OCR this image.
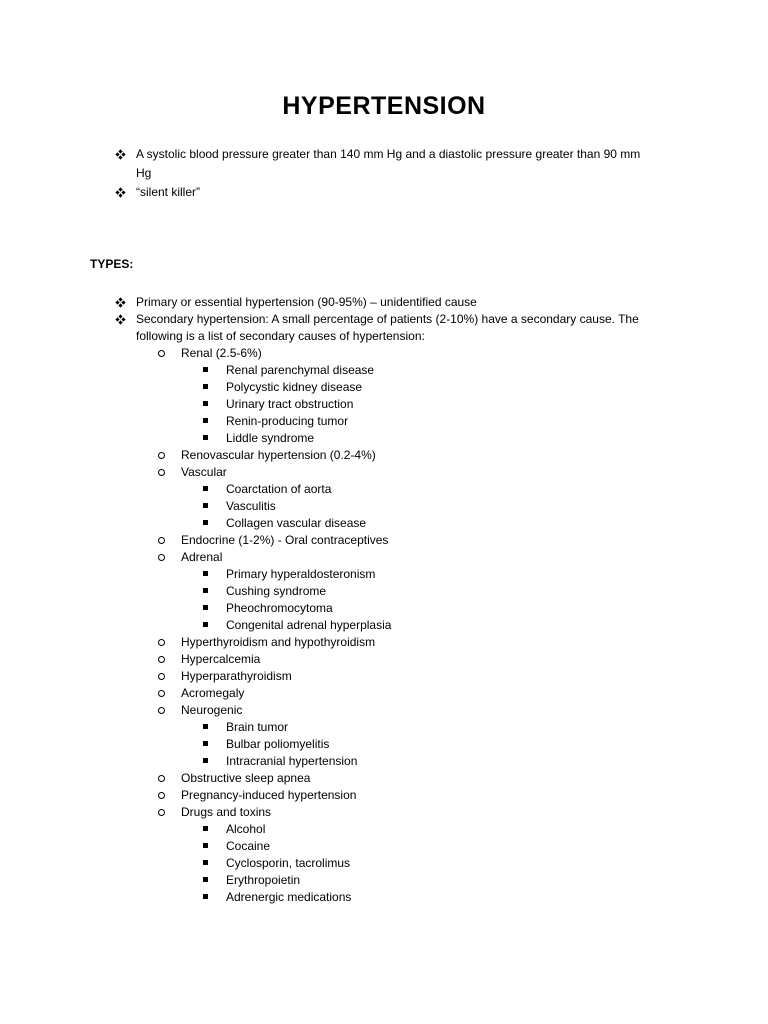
HYPERTENSION
A systolic blood pressure greater than 140 mm Hg and a diastolic pressure greater than 90 mm
Hg
“silent killer”
TYPES:
Primary or essential hypertension (90-95%) – unidentified cause
Secondary hypertension: A small percentage of patients (2-10%) have a secondary cause. The
following is a list of secondary causes of hypertension:
Renal (2.5-6%)
Renal parenchymal disease
Polycystic kidney disease
Urinary tract obstruction
Renin-producing tumor
Liddle syndrome
Renovascular hypertension (0.2-4%)
Vascular
Coarctation of aorta
Vasculitis
Collagen vascular disease
Endocrine (1-2%) - Oral contraceptives
Adrenal
Primary hyperaldosteronism
Cushing syndrome
Pheochromocytoma
Congenital adrenal hyperplasia
Hyperthyroidism and hypothyroidism
Hypercalcemia
Hyperparathyroidism
Acromegaly
Neurogenic
Brain tumor
Bulbar poliomyelitis
Intracranial hypertension
Obstructive sleep apnea
Pregnancy-induced hypertension
Drugs and toxins
Alcohol
Cocaine
Cyclosporin, tacrolimus
Erythropoietin
Adrenergic medications
